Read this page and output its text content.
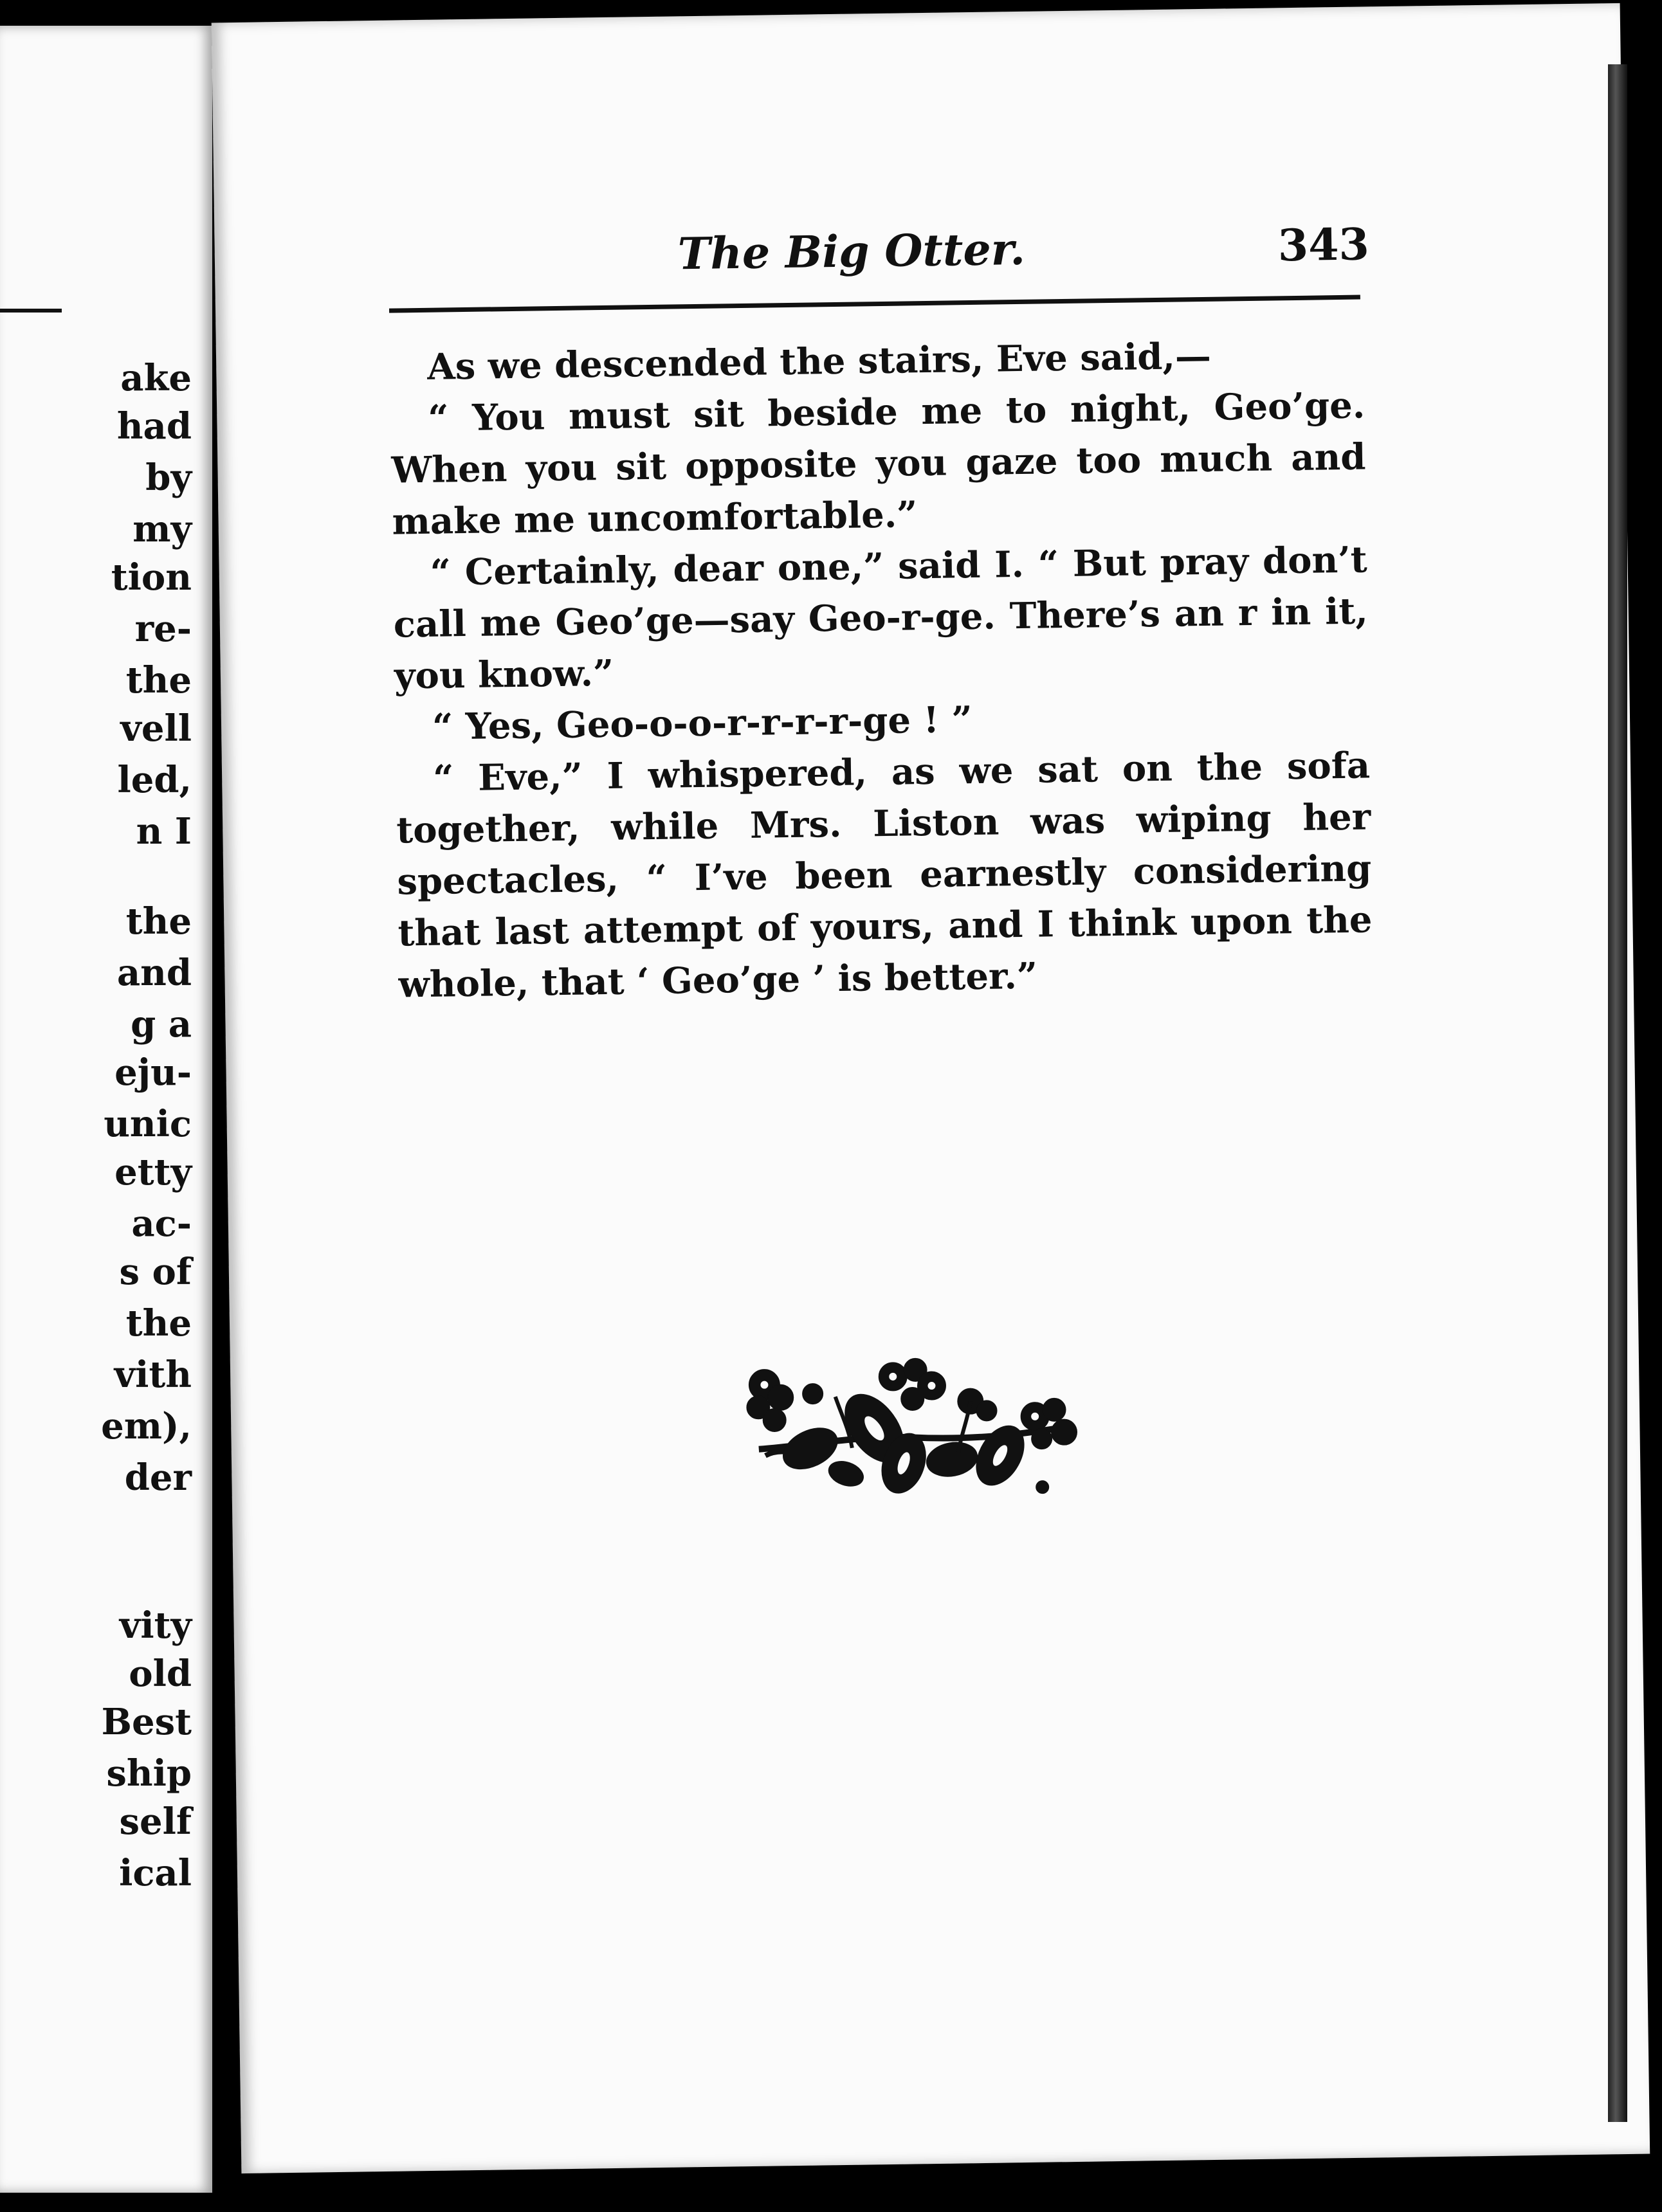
ake
had
by
my
tion
re-
the
vell
led,
n I
the
and
g a
eju-
unic
etty
ac-
s of
the
vith
em),
der
vity
old
Best
ship
self
ical
The Big Otter.	343

As we descended the stairs, Eve said,—

“ You must sit beside me to night, Geo’ge. When you sit opposite you gaze too much and make me uncomfortable.”

“ Certainly, dear one,” said I. “ But pray don’t call me Geo’ge—say Geo-r-ge. There’s an r in it, you know.”

“ Yes, Geo-o-o-r-r-r-r-ge ! ”

“ Eve,” I whispered, as we sat on the sofa together, while Mrs. Liston was wiping her spectacles, “ I’ve been earnestly considering that last attempt of yours, and I think upon the whole, that ‘ Geo’ge ’ is better.”
